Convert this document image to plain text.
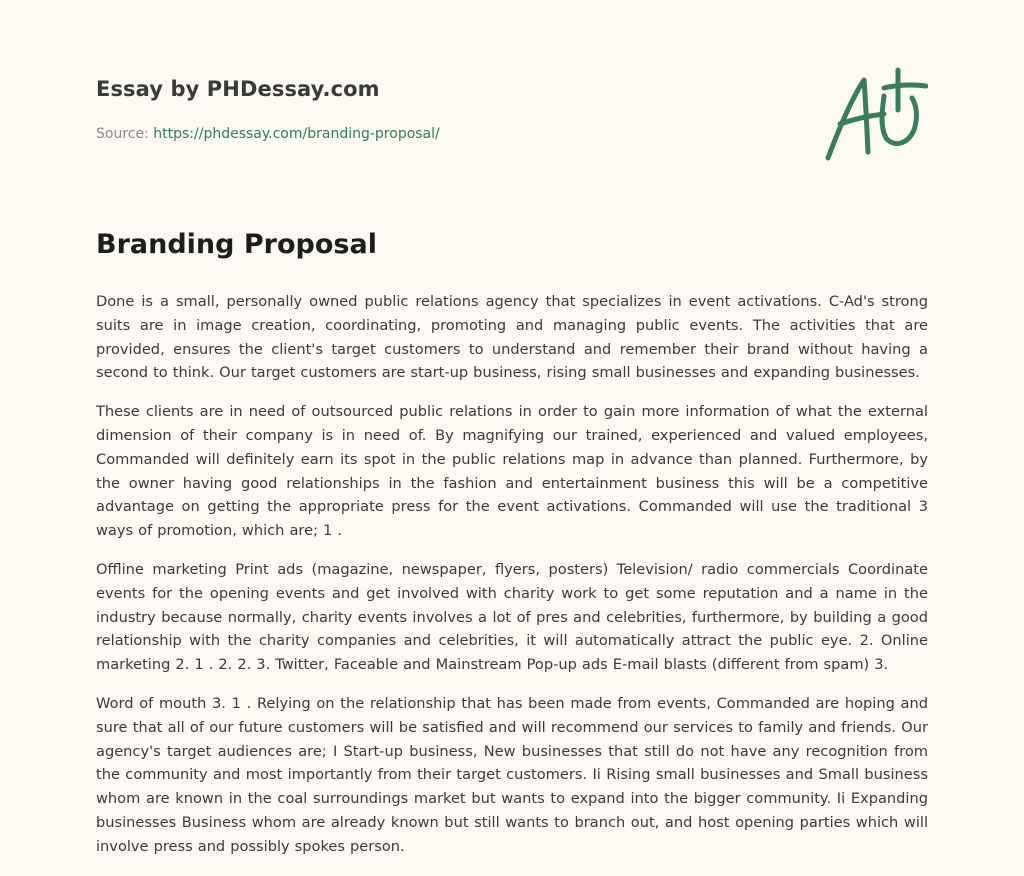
Essay by PHDessay.com

Source: https://phdessay.com/branding-proposal/

Branding Proposal

Done is a small, personally owned public relations agency that specializes in event activations. C-Ad's strong suits are in image creation, coordinating, promoting and managing public events. The activities that are provided, ensures the client's target customers to understand and remember their brand without having a second to think. Our target customers are start-up business, rising small businesses and expanding businesses.

These clients are in need of outsourced public relations in order to gain more information of what the external dimension of their company is in need of. By magnifying our trained, experienced and valued employees, Commanded will definitely earn its spot in the public relations map in advance than planned. Furthermore, by the owner having good relationships in the fashion and entertainment business this will be a competitive advantage on getting the appropriate press for the event activations. Commanded will use the traditional 3 ways of promotion, which are; 1 .

Offline marketing Print ads (magazine, newspaper, flyers, posters) Television/ radio commercials Coordinate events for the opening events and get involved with charity work to get some reputation and a name in the industry because normally, charity events involves a lot of pres and celebrities, furthermore, by building a good relationship with the charity companies and celebrities, it will automatically attract the public eye. 2. Online marketing 2. 1 . 2. 2. 3. Twitter, Faceable and Mainstream Pop-up ads E-mail blasts (different from spam) 3.

Word of mouth 3. 1 . Relying on the relationship that has been made from events, Commanded are hoping and sure that all of our future customers will be satisfied and will recommend our services to family and friends. Our agency's target audiences are; I Start-up business, New businesses that still do not have any recognition from the community and most importantly from their target customers. Ii Rising small businesses and Small business whom are known in the coal surroundings market but wants to expand into the bigger community. Ii Expanding businesses Business whom are already known but still wants to branch out, and host opening parties which will involve press and possibly spokes person.
